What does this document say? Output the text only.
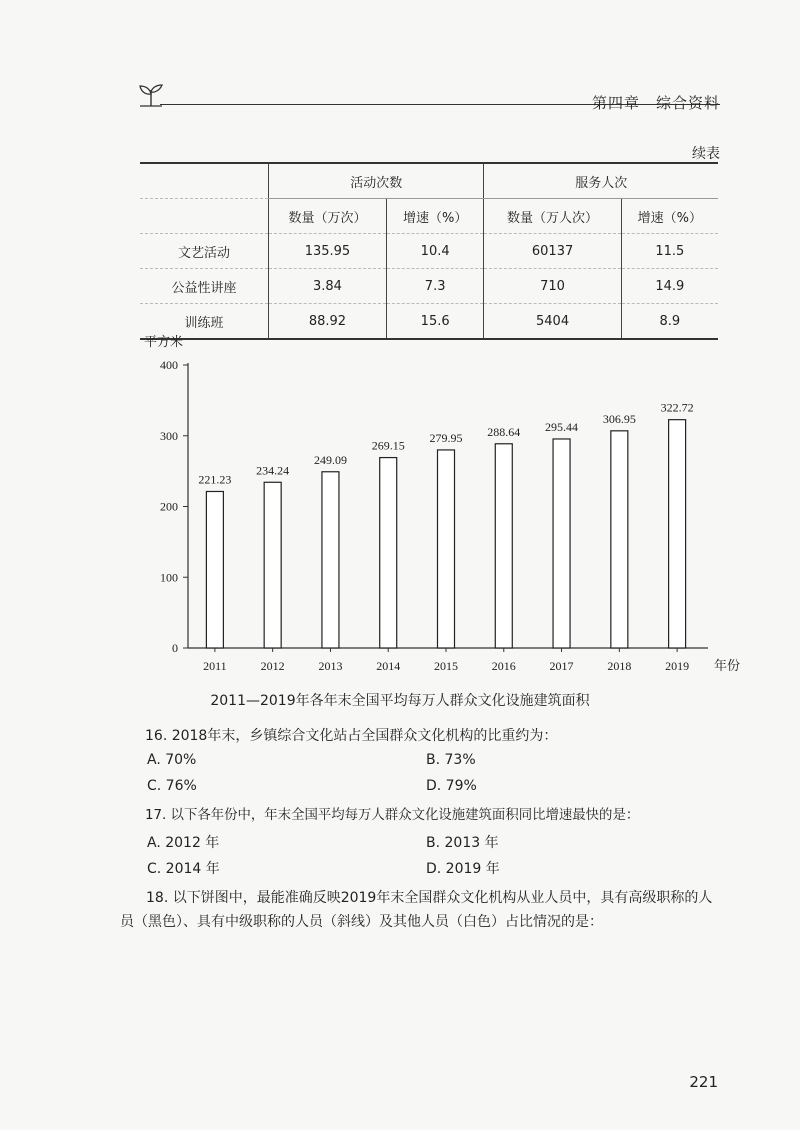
第四章　综合资料
续表
	活动次数		服务人次	
	数量（万次）	增速（%）	数量（万人次）	增速（%）
文艺活动	135.95	10.4	60137	11.5
公益性讲座	3.84	7.3	710	14.9
训练班	88.92	15.6	5404	8.9
平方米
0
100
200
300
400
221.23
2011
234.24
2012
249.09
2013
269.15
2014
279.95
2015
288.64
2016
295.44
2017
306.95
2018
322.72
2019 年份
2011—2019年各年末全国平均每万人群众文化设施建筑面积
16. 2018年末，乡镇综合文化站占全国群众文化机构的比重约为：
A. 70%	B. 73%
C. 76%	D. 79%
17. 以下各年份中，年末全国平均每万人群众文化设施建筑面积同比增速最快的是：
A. 2012 年	B. 2013 年
C. 2014 年	D. 2019 年
18. 以下饼图中，最能准确反映2019年末全国群众文化机构从业人员中，具有高级职称的人员（黑色）、具有中级职称的人员（斜线）及其他人员（白色）占比情况的是：
221
